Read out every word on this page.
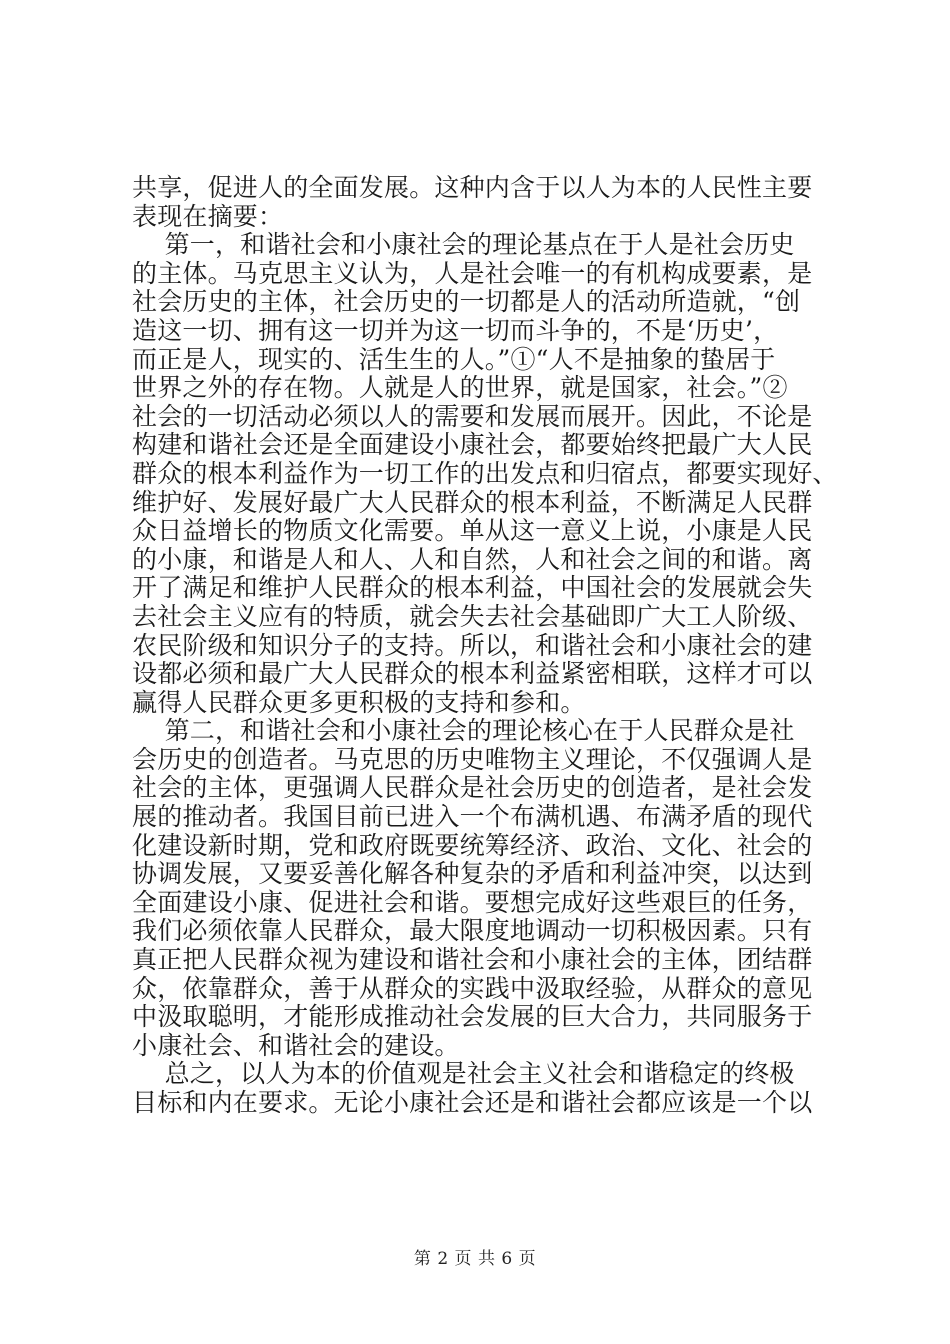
共享，促进人的全面发展。这种内含于以人为本的人民性主要
表现在摘要：
第一，和谐社会和小康社会的理论基点在于人是社会历史
的主体。马克思主义认为，人是社会唯一的有机构成要素，是
社会历史的主体，社会历史的一切都是人的活动所造就，“创
造这一切、拥有这一切并为这一切而斗争的，不是‘历史’，
而正是人，现实的、活生生的人。”①“人不是抽象的蛰居于
世界之外的存在物。人就是人的世界，就是国家，社会。”②
社会的一切活动必须以人的需要和发展而展开。因此，不论是
构建和谐社会还是全面建设小康社会，都要始终把最广大人民
群众的根本利益作为一切工作的出发点和归宿点，都要实现好、
维护好、发展好最广大人民群众的根本利益，不断满足人民群
众日益增长的物质文化需要。单从这一意义上说，小康是人民
的小康，和谐是人和人、人和自然，人和社会之间的和谐。离
开了满足和维护人民群众的根本利益，中国社会的发展就会失
去社会主义应有的特质，就会失去社会基础即广大工人阶级、
农民阶级和知识分子的支持。所以，和谐社会和小康社会的建
设都必须和最广大人民群众的根本利益紧密相联，这样才可以
赢得人民群众更多更积极的支持和参和。
第二，和谐社会和小康社会的理论核心在于人民群众是社
会历史的创造者。马克思的历史唯物主义理论，不仅强调人是
社会的主体，更强调人民群众是社会历史的创造者，是社会发
展的推动者。我国目前已进入一个布满机遇、布满矛盾的现代
化建设新时期，党和政府既要统筹经济、政治、文化、社会的
协调发展，又要妥善化解各种复杂的矛盾和利益冲突，以达到
全面建设小康、促进社会和谐。要想完成好这些艰巨的任务，
我们必须依靠人民群众，最大限度地调动一切积极因素。只有
真正把人民群众视为建设和谐社会和小康社会的主体，团结群
众，依靠群众，善于从群众的实践中汲取经验，从群众的意见
中汲取聪明，才能形成推动社会发展的巨大合力，共同服务于
小康社会、和谐社会的建设。
总之，以人为本的价值观是社会主义社会和谐稳定的终极
目标和内在要求。无论小康社会还是和谐社会都应该是一个以
第 2 页 共 6 页
